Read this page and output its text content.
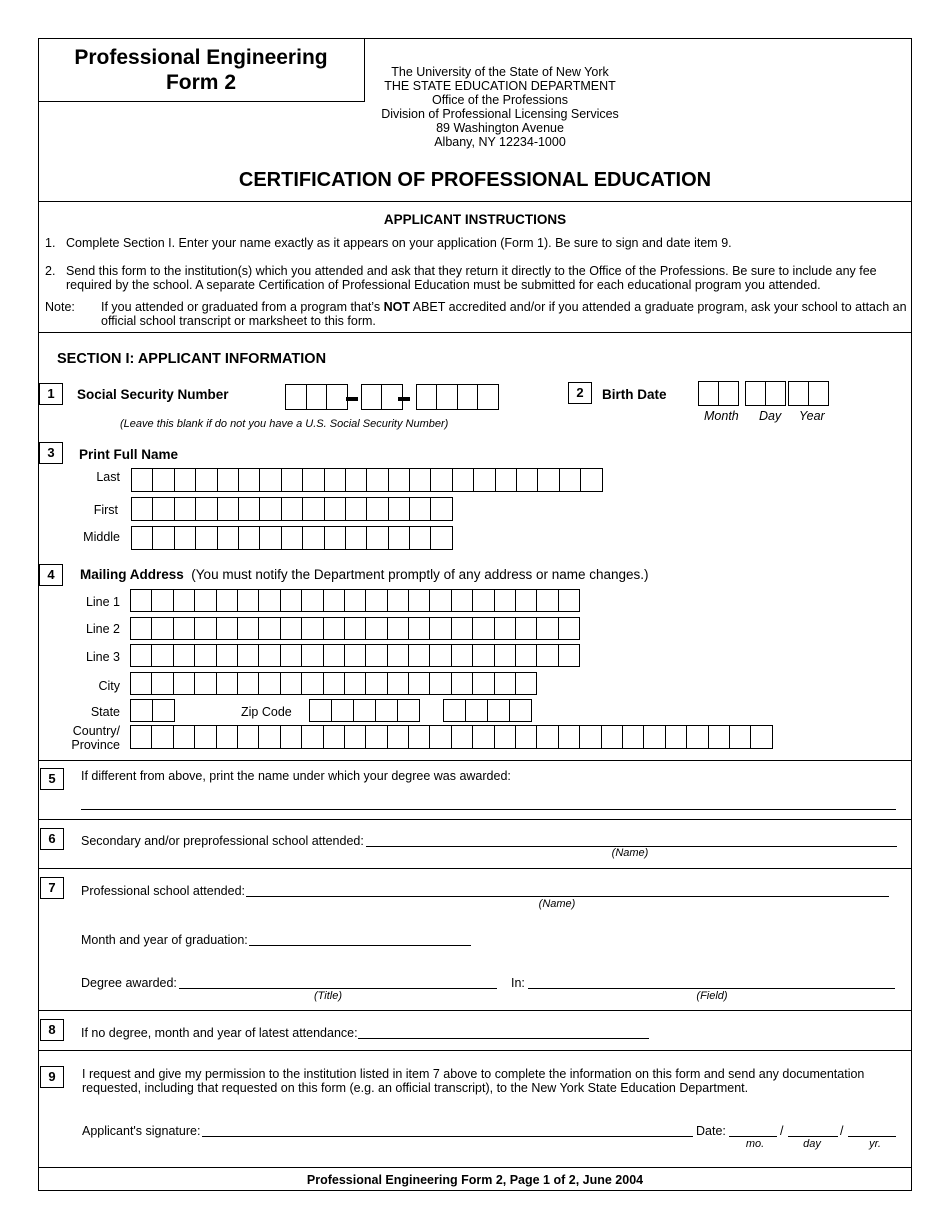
Professional Engineering
Form 2	The University of the State of New York
THE STATE EDUCATION DEPARTMENT
Office of the Professions
Division of Professional Licensing Services
89 Washington Avenue
Albany, NY 12234-1000
CERTIFICATION OF PROFESSIONAL EDUCATION
APPLICANT INSTRUCTIONS
1. Complete Section I. Enter your name exactly as it appears on your application (Form 1). Be sure to sign and date item 9.
2. Send this form to the institution(s) which you attended and ask that they return it directly to the Office of the Professions. Be sure to include any fee
required by the school. A separate Certification of Professional Education must be submitted for each educational program you attended.
Note: If you attended or graduated from a program that’s NOT ABET accredited and/or if you attended a graduate program, ask your school to attach an
official school transcript or marksheet to this form.
SECTION I: APPLICANT INFORMATION
1	Social Security Number
(Leave this blank if do not you have a U.S. Social Security Number)
2	Birth Date
Month Day Year
3	Print Full Name
Last
First
Middle
4	Mailing Address (You must notify the Department promptly of any address or name changes.)
Line 1
Line 2
Line 3
City
State	Zip Code
Country/
Province
5	If different from above, print the name under which your degree was awarded:
6	Secondary and/or preprofessional school attended:
(Name)
7	Professional school attended:
(Name)
Month and year of graduation:
Degree awarded:
(Title)
In:
(Field)
8	If no degree, month and year of latest attendance:
9	I request and give my permission to the institution listed in item 7 above to complete the information on this form and send any documentation
requested, including that requested on this form (e.g. an official transcript), to the New York State Education Department.
Applicant's signature:	Date:	/	/
mo.	day	yr.
Professional Engineering Form 2, Page 1 of 2, June 2004
